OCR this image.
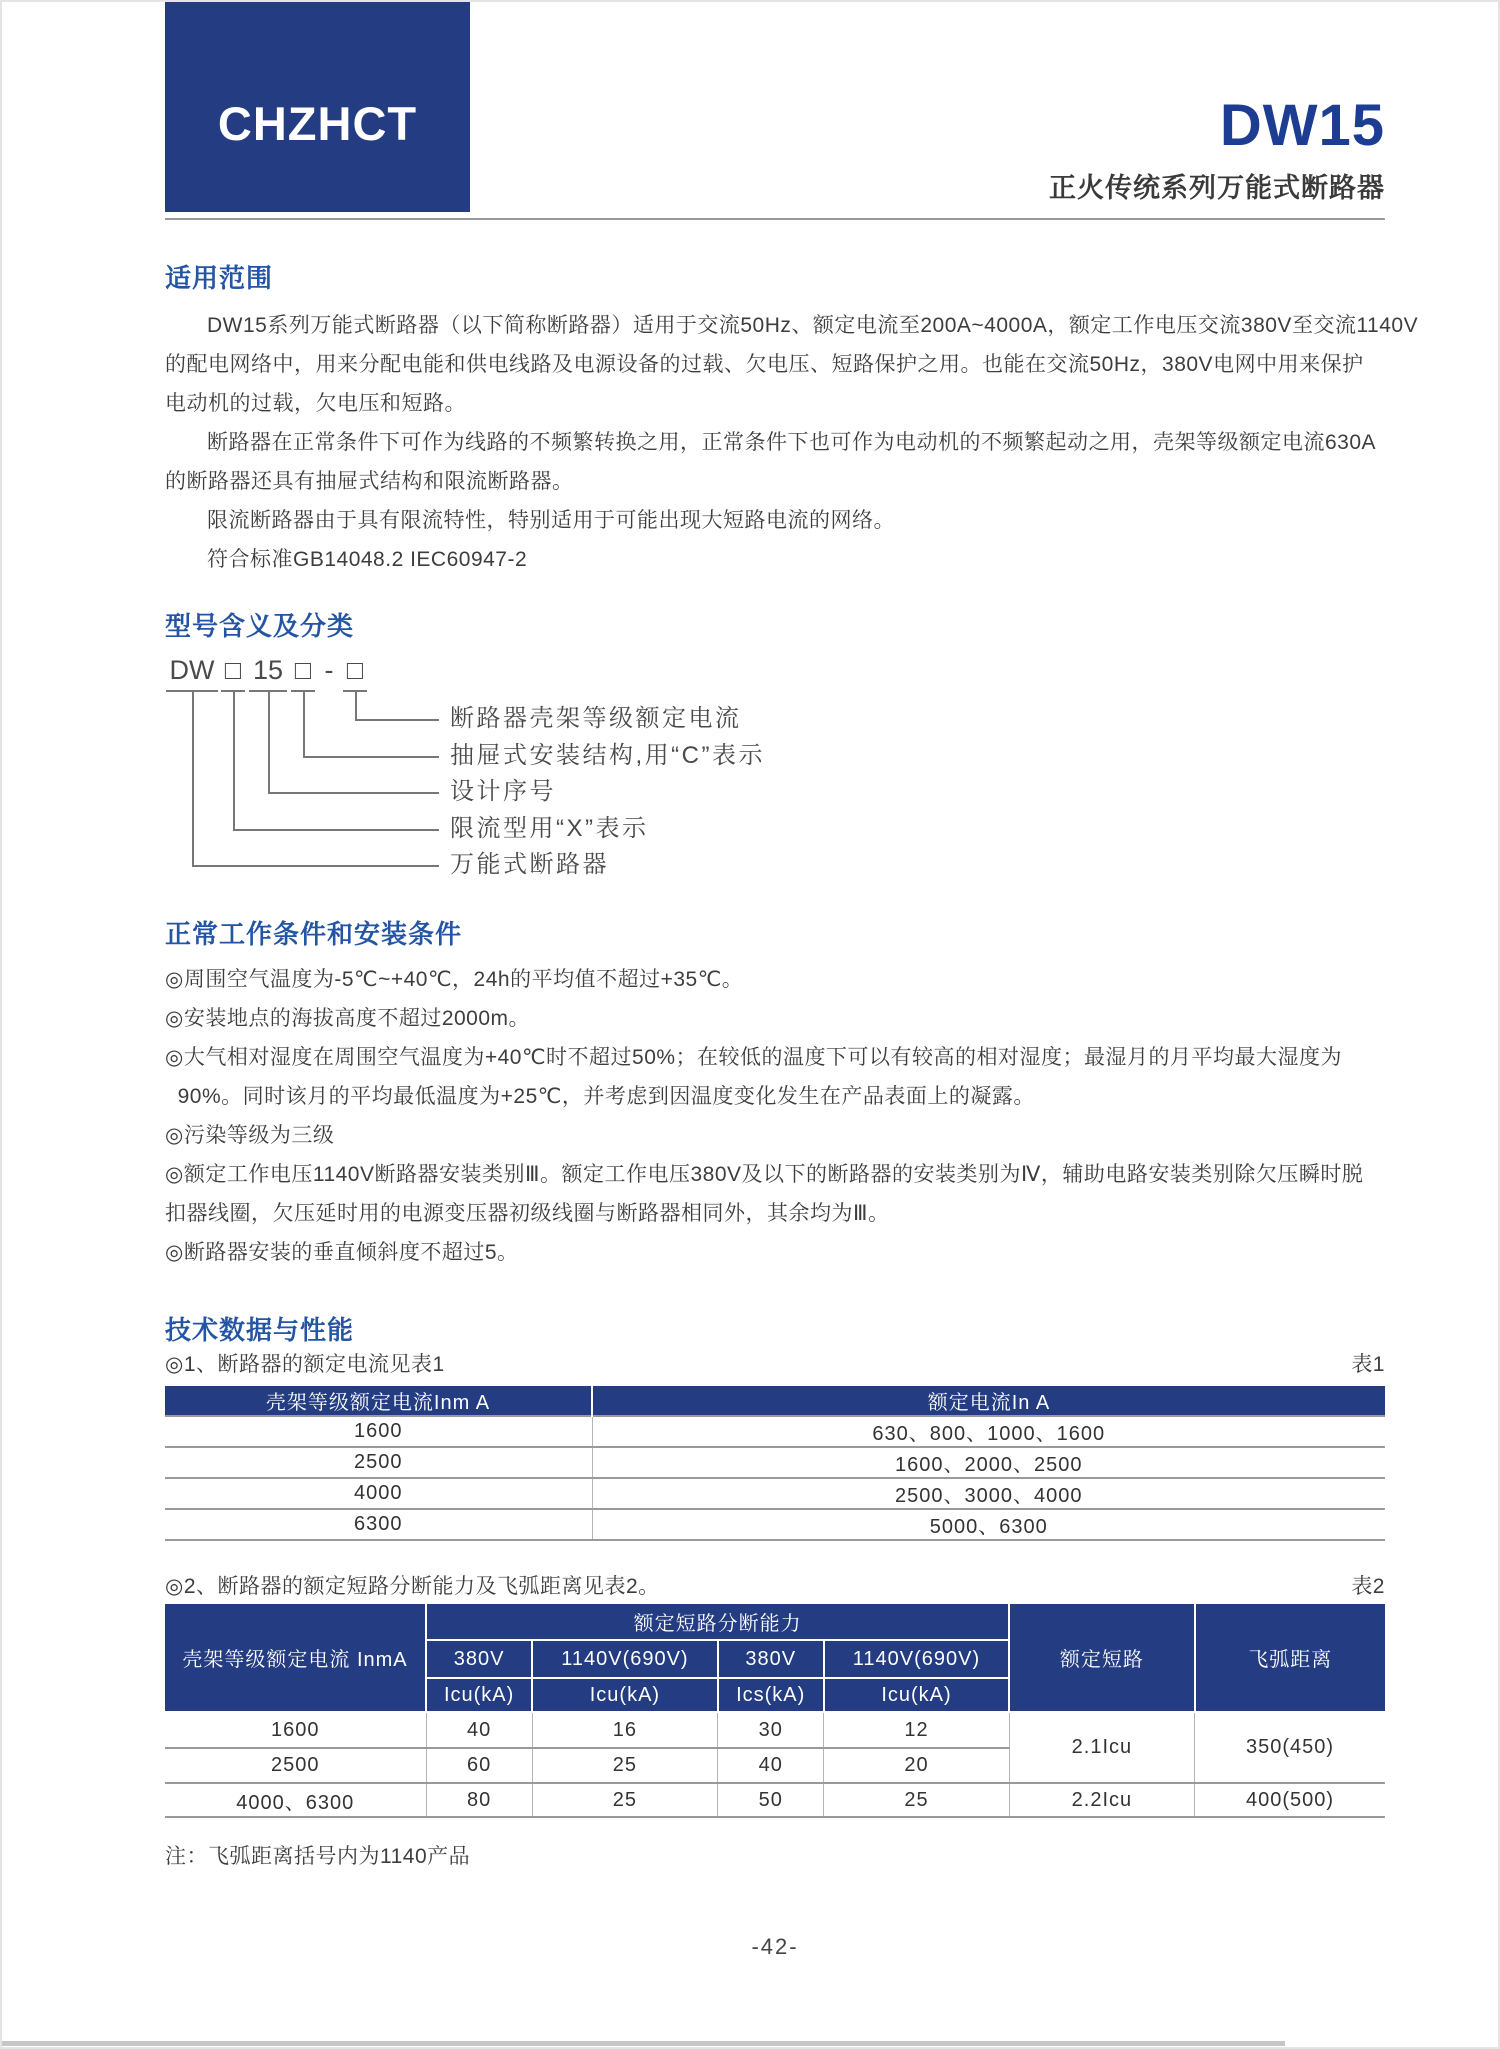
CHZHCT	DW15
正火传统系列万能式断路器
适用范围
DW15系列万能式断路器（以下简称断路器）适用于交流50Hz、额定电流至200A~4000A，额定工作电压交流380V至交流1140V
的配电网络中，用来分配电能和供电线路及电源设备的过载、欠电压、短路保护之用。也能在交流50Hz，380V电网中用来保护
电动机的过载，欠电压和短路。
断路器在正常条件下可作为线路的不频繁转换之用，正常条件下也可作为电动机的不频繁起动之用，壳架等级额定电流630A
的断路器还具有抽屉式结构和限流断路器。
限流断路器由于具有限流特性，特别适用于可能出现大短路电流的网络。
符合标准GB14048.2 IEC60947-2
型号含义及分类
DW □ 15 □ - □
断路器壳架等级额定电流
抽屉式安装结构,用“C”表示
设计序号
限流型用“X”表示
万能式断路器
正常工作条件和安装条件
◎周围空气温度为-5℃~+40℃，24h的平均值不超过+35℃。
◎安装地点的海拔高度不超过2000m。
◎大气相对湿度在周围空气温度为+40℃时不超过50%；在较低的温度下可以有较高的相对湿度；最湿月的月平均最大湿度为
90%。同时该月的平均最低温度为+25℃，并考虑到因温度变化发生在产品表面上的凝露。
◎污染等级为三级
◎额定工作电压1140V断路器安装类别Ⅲ。额定工作电压380V及以下的断路器的安装类别为Ⅳ，辅助电路安装类别除欠压瞬时脱
扣器线圈，欠压延时用的电源变压器初级线圈与断路器相同外，其余均为Ⅲ。
◎断路器安装的垂直倾斜度不超过5。
技术数据与性能
◎1、断路器的额定电流见表1	表1
壳架等级额定电流Inm A	额定电流In A
1600	630、800、1000、1600
2500	1600、2000、2500
4000	2500、3000、4000
6300	5000、6300
◎2、断路器的额定短路分断能力及飞弧距离见表2。	表2
壳架等级额定电流 InmA	额定短路分断能力				额定短路	飞弧距离
	380V	1140V(690V)	380V	1140V(690V)		
	Icu(kA)	Icu(kA)	Ics(kA)	Icu(kA)		
1600	40	16	30	12	2.1Icu	350(450)
2500	60	25	40	20		
4000、6300	80	25	50	25	2.2Icu	400(500)
注：飞弧距离括号内为1140产品
-42-
